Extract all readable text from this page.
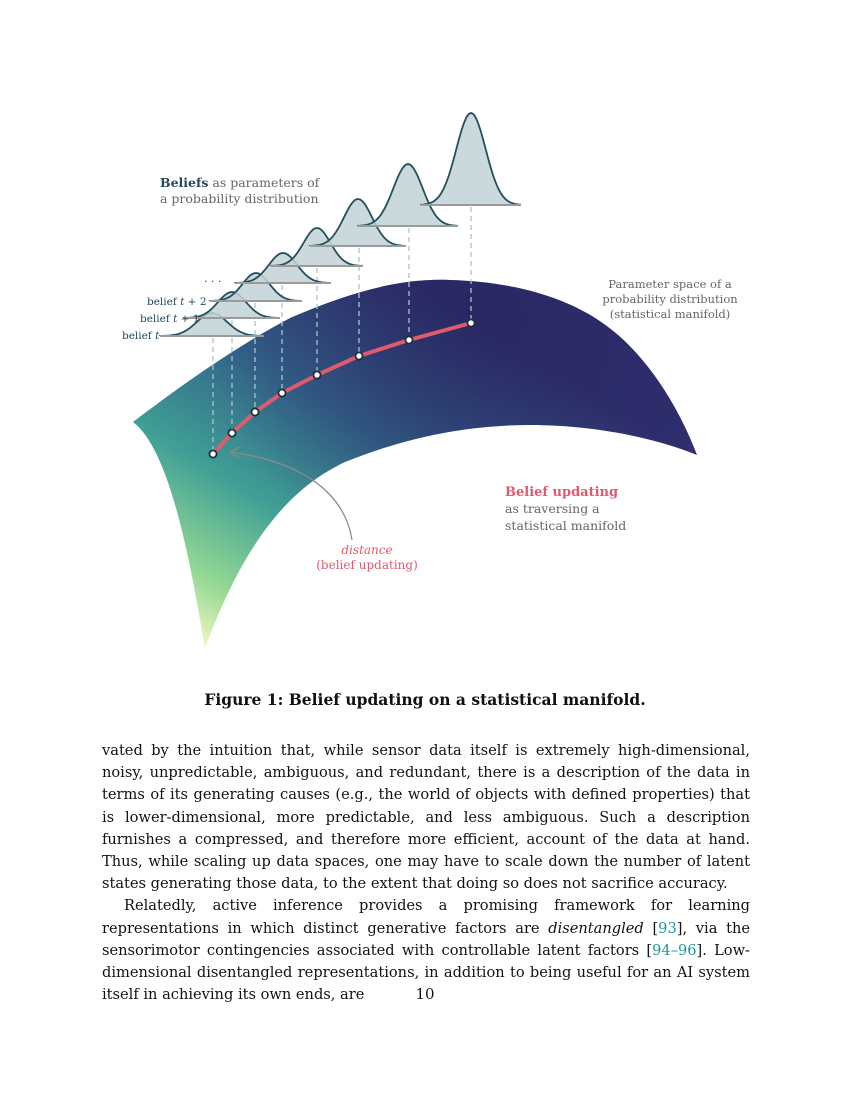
Beliefs as parameters of
a probability distribution
· · ·
belief t + 2
belief t + 1
belief t
Parameter space of a
probability distribution
(statistical manifold)
Belief updating
as traversing a
statistical manifold
distance
(belief updating)
Figure 1: Belief updating on a statistical manifold.

vated by the intuition that, while sensor data itself is extremely high-dimensional, noisy, unpredictable, ambiguous, and redundant, there is a description of the data in terms of its generating causes (e.g., the world of objects with defined properties) that is lower-dimensional, more predictable, and less ambiguous. Such a description furnishes a compressed, and therefore more efficient, account of the data at hand. Thus, while scaling up data spaces, one may have to scale down the number of latent states generating those data, to the extent that doing so does not sacrifice accuracy.

Relatedly, active inference provides a promising framework for learning representations in which distinct generative factors are disentangled [93], via the sensorimotor contingencies associated with controllable latent factors [94–96]. Low-dimensional disentangled representations, in addition to being useful for an AI system itself in achieving its own ends, are	10
